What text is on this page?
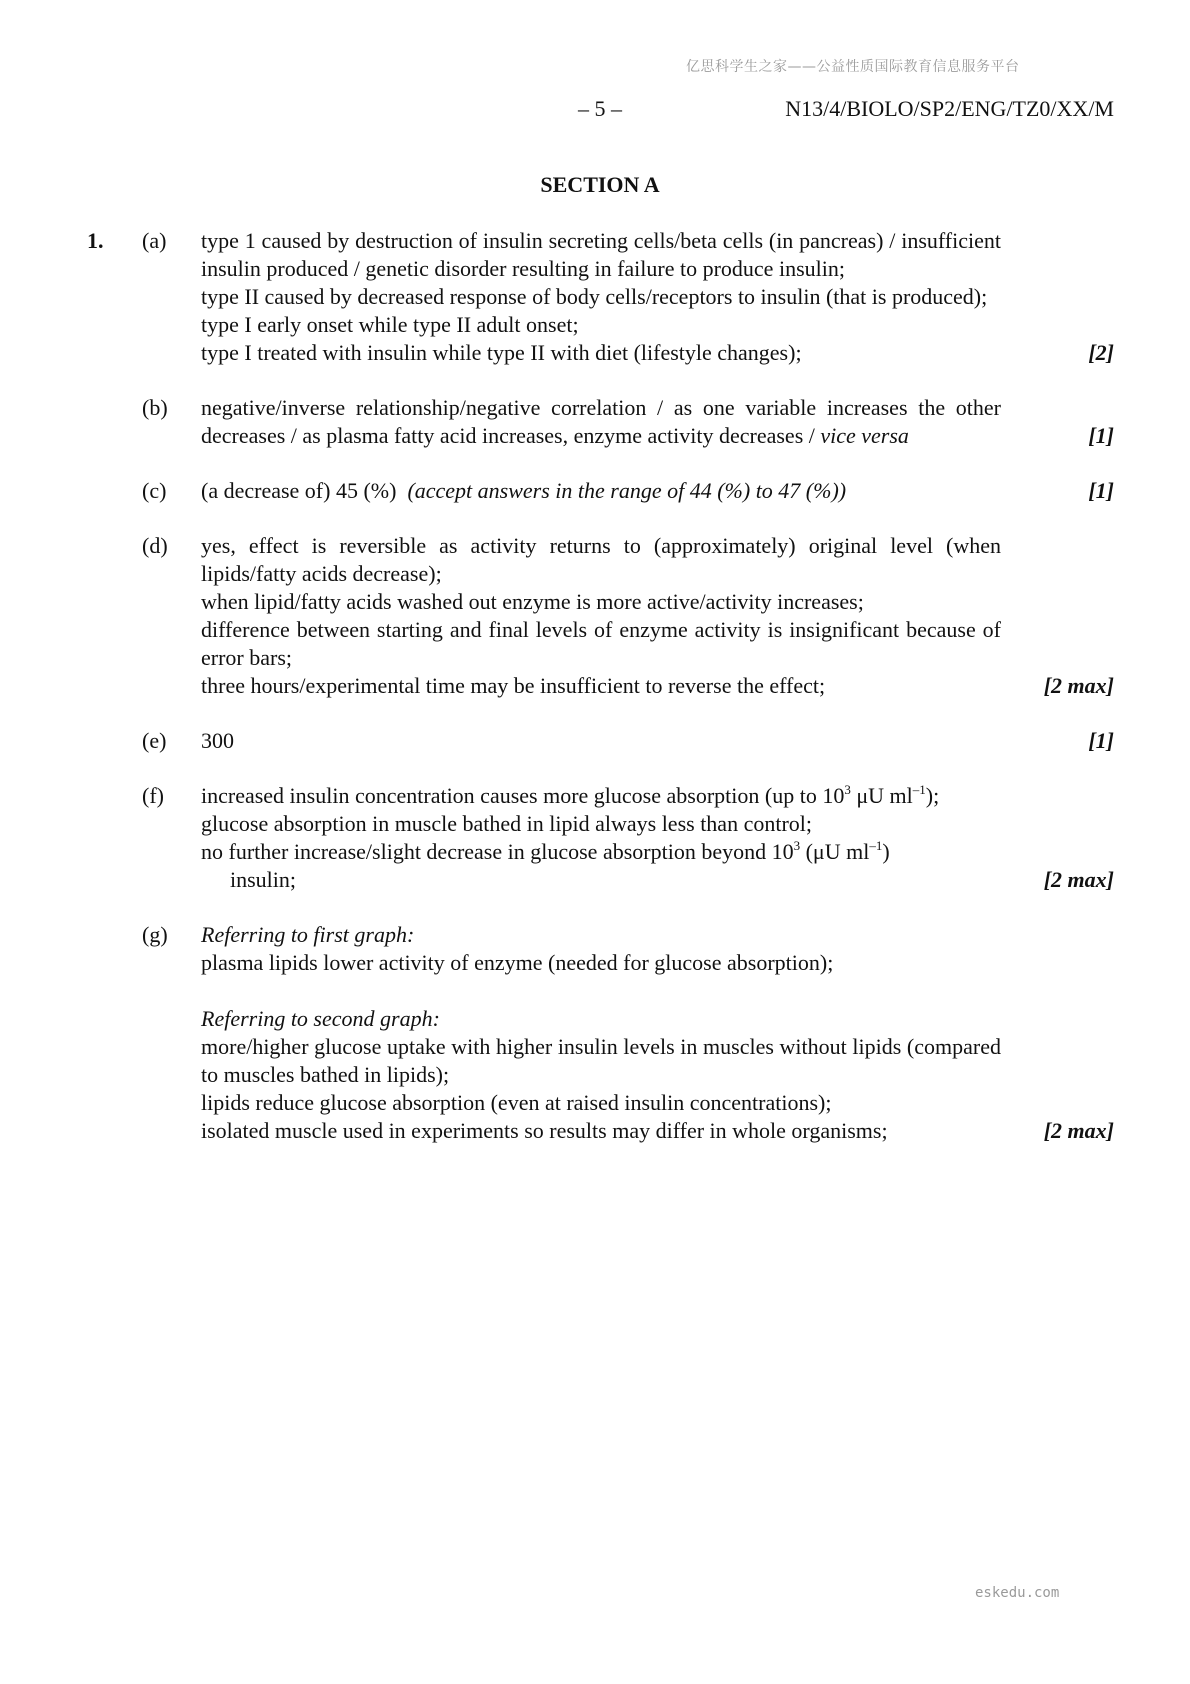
亿思科学生之家——公益性质国际教育信息服务平台
– 5 –	N13/4/BIOLO/SP2/ENG/TZ0/XX/M
SECTION A
1. (a) type 1 caused by destruction of insulin secreting cells/beta cells (in pancreas) / insufficient insulin produced / genetic disorder resulting in failure to produce insulin;
type II caused by decreased response of body cells/receptors to insulin (that is produced);
type I early onset while type II adult onset;
type I treated with insulin while type II with diet (lifestyle changes);	[2]
(b) negative/inverse relationship/negative correlation / as one variable increases the other decreases / as plasma fatty acid increases, enzyme activity decreases / vice versa	[1]
(c) (a decrease of) 45 (%) (accept answers in the range of 44 (%) to 47 (%))	[1]
(d) yes, effect is reversible as activity returns to (approximately) original level (when lipids/fatty acids decrease);
when lipid/fatty acids washed out enzyme is more active/activity increases;
difference between starting and final levels of enzyme activity is insignificant because of error bars;
three hours/experimental time may be insufficient to reverse the effect;	[2 max]
(e) 300	[1]
(f) increased insulin concentration causes more glucose absorption (up to $10^3$ μU $ml^{-1}$);
glucose absorption in muscle bathed in lipid always less than control;
no further increase/slight decrease in glucose absorption beyond $10^3$ (μU $ml^{-1}$)
insulin;	[2 max]
(g) Referring to first graph:
plasma lipids lower activity of enzyme (needed for glucose absorption);
Referring to second graph:
more/higher glucose uptake with higher insulin levels in muscles without lipids (compared to muscles bathed in lipids);
lipids reduce glucose absorption (even at raised insulin concentrations);
isolated muscle used in experiments so results may differ in whole organisms;	[2 max]
eskedu.com
